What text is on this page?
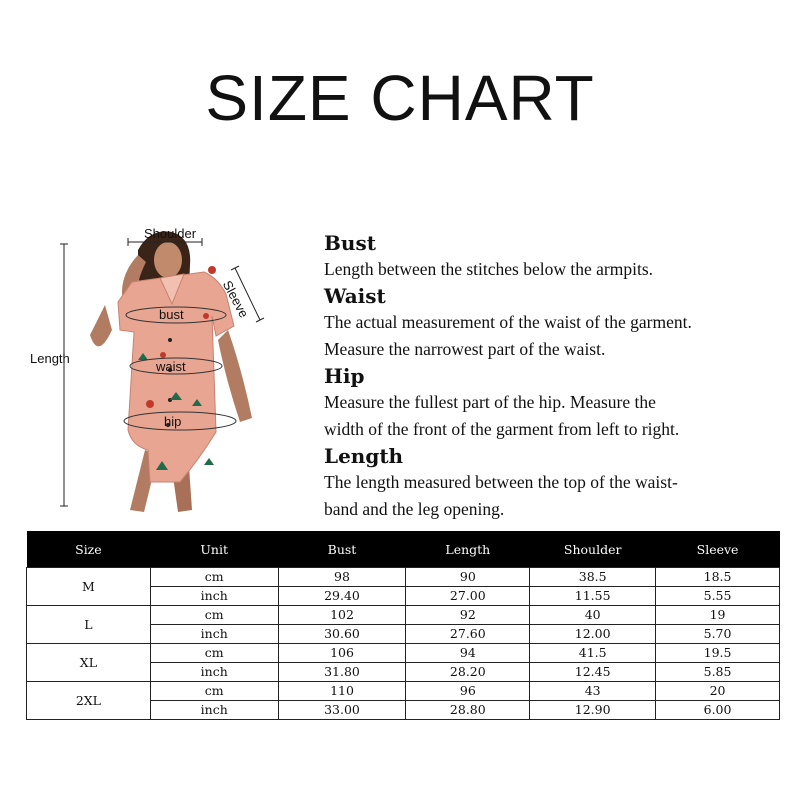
SIZE CHART
Shoulder
Sleeve
Length
bust
waist
hip
Bust
Length between the stitches below the armpits.
Waist
The actual measurement of the waist of the garment.
Measure the narrowest part of the waist.
Hip
Measure the fullest part of the hip. Measure the
width of the front of the garment from left to right.
Length
The length measured between the top of the waist-
band and the leg opening.
Size	Unit	Bust	Length	Shoulder	Sleeve
M	cm	98	90	38.5	18.5
	inch	29.40	27.00	11.55	5.55
L	cm	102	92	40	19
	inch	30.60	27.60	12.00	5.70
XL	cm	106	94	41.5	19.5
	inch	31.80	28.20	12.45	5.85
2XL	cm	110	96	43	20
	inch	33.00	28.80	12.90	6.00
